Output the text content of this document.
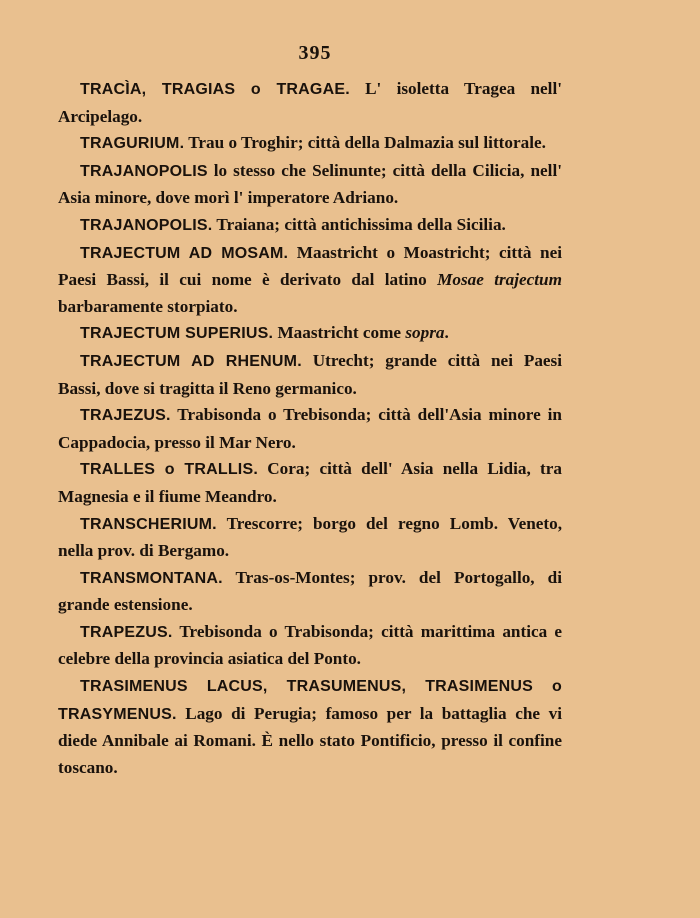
395

TRACÌA, TRAGIAS o TRAGAE. L' isoletta Tragea nell' Arcipelago.

TRAGURIUM. Trau o Troghir; città della Dalmazia sul littorale.

TRAJANOPOLIS lo stesso che Selinunte; città della Cilicia, nell' Asia minore, dove morì l' imperatore Adriano.

TRAJANOPOLIS. Traiana; città antichissima della Sicilia.

TRAJECTUM AD MOSAM. Maastricht o Moastricht; città nei Paesi Bassi, il cui nome è derivato dal latino Mosae trajectum barbaramente storpiato.

TRAJECTUM SUPERIUS. Maastricht come sopra.

TRAJECTUM AD RHENUM. Utrecht; grande città nei Paesi Bassi, dove si tragitta il Reno germanico.

TRAJEZUS. Trabisonda o Trebisonda; città dell'Asia minore in Cappadocia, presso il Mar Nero.

TRALLES o TRALLIS. Cora; città dell' Asia nella Lidia, tra Magnesia e il fiume Meandro.

TRANSCHERIUM. Trescorre; borgo del regno Lomb. Veneto, nella prov. di Bergamo.

TRANSMONTANA. Tras-os-Montes; prov. del Portogallo, di grande estensione.

TRAPEZUS. Trebisonda o Trabisonda; città marittima antica e celebre della provincia asiatica del Ponto.

TRASIMENUS LACUS, TRASUMENUS, TRASIMENUS o TRASYMENUS. Lago di Perugia; famoso per la battaglia che vi diede Annibale ai Romani. È nello stato Pontificio, presso il confine toscano.
